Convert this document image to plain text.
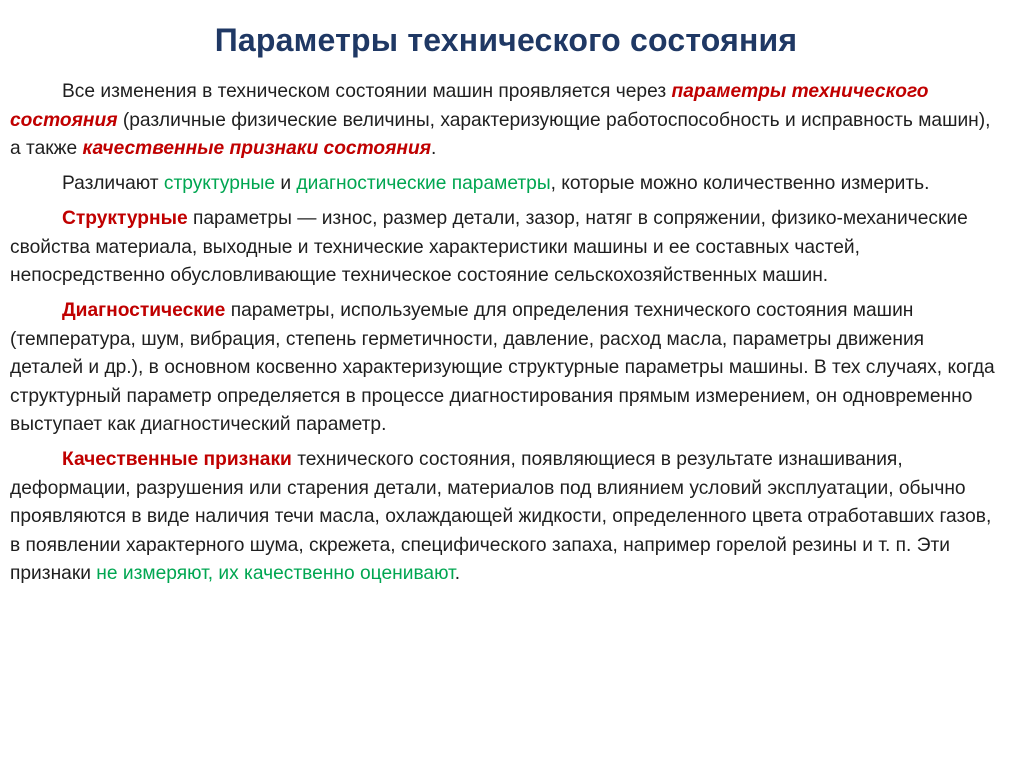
Параметры технического состояния

Все изменения в техническом состоянии машин проявляется через параметры технического состояния (различные физические величины, характеризующие работоспособность и исправность машин), а также качественные признаки состояния.

Различают структурные и диагностические параметры, которые можно количественно измерить.

Структурные параметры — износ, размер детали, зазор, натяг в сопряжении, физико-механические свойства материала, выходные и технические характеристики машины и ее составных частей, непосредственно обусловливающие техническое состояние сельскохозяйственных машин.

Диагностические параметры, используемые для определения технического состояния машин (температура, шум, вибрация, степень герметичности, давление, расход масла, параметры движения деталей и др.), в основном косвенно характеризующие структурные параметры машины. В тех случаях, когда структурный параметр определяется в процессе диагностирования прямым измерением, он одновременно выступает как диагностический параметр.

Качественные признаки технического состояния, появляющиеся в результате изнашивания, деформации, разрушения или старения детали, материалов под влиянием условий эксплуатации, обычно проявляются в виде наличия течи масла, охлаждающей жидкости, определенного цвета отработавших газов, в появлении характерного шума, скрежета, специфического запаха, например горелой резины и т. п. Эти признаки не измеряют, их качественно оценивают.
